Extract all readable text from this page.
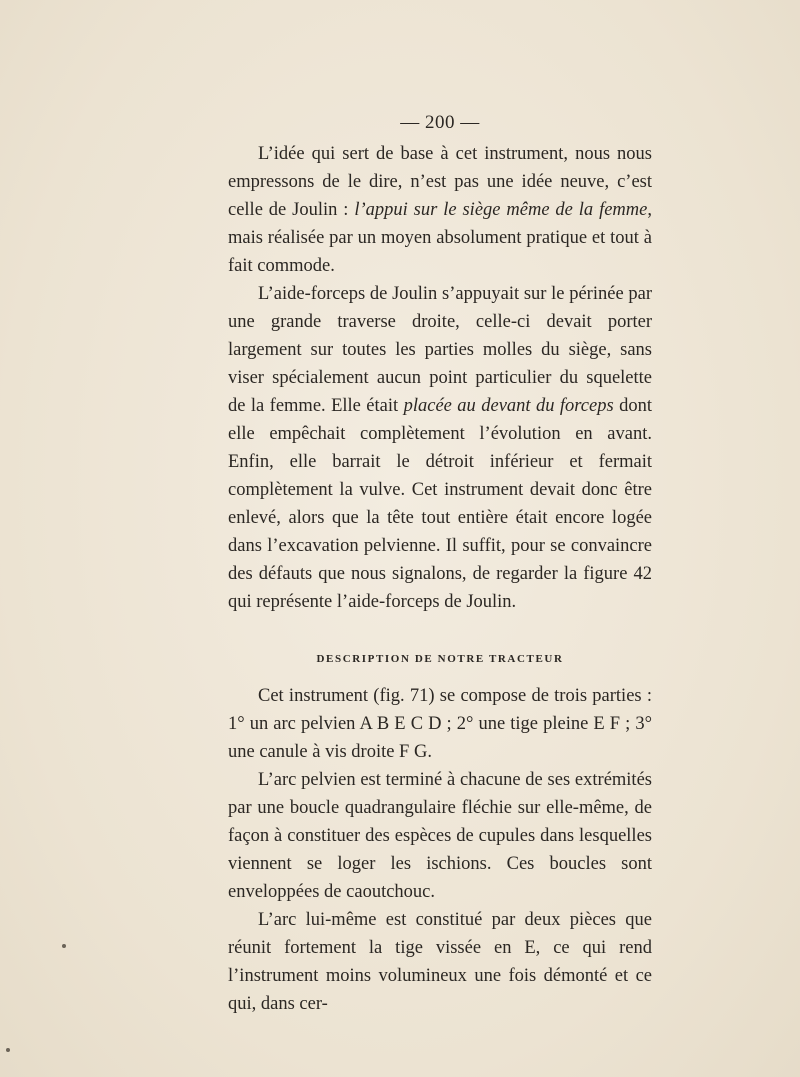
— 200 —

L’idée qui sert de base à cet instrument, nous nous empressons de le dire, n’est pas une idée neuve, c’est celle de Joulin : l’appui sur le siège même de la femme, mais réalisée par un moyen absolument pratique et tout à fait commode.

L’aide-forceps de Joulin s’appuyait sur le périnée par une grande traverse droite, celle-ci devait porter largement sur toutes les parties molles du siège, sans viser spécialement aucun point particulier du squelette de la femme. Elle était placée au devant du forceps dont elle empêchait complètement l’évolution en avant. Enfin, elle barrait le détroit inférieur et fermait complètement la vulve. Cet instrument devait donc être enlevé, alors que la tête tout entière était encore logée dans l’excavation pelvienne. Il suffit, pour se convaincre des défauts que nous signalons, de regarder la figure 42 qui représente l’aide-forceps de Joulin.

DESCRIPTION DE NOTRE TRACTEUR

Cet instrument (fig. 71) se compose de trois parties : 1° un arc pelvien A B E C D ; 2° une tige pleine E F ; 3° une canule à vis droite F G.

L’arc pelvien est terminé à chacune de ses extrémités par une boucle quadrangulaire fléchie sur elle-même, de façon à constituer des espèces de cupules dans lesquelles viennent se loger les ischions. Ces boucles sont enveloppées de caoutchouc.

L’arc lui-même est constitué par deux pièces que réunit fortement la tige vissée en E, ce qui rend l’instrument moins volumineux une fois démonté et ce qui, dans cer-
